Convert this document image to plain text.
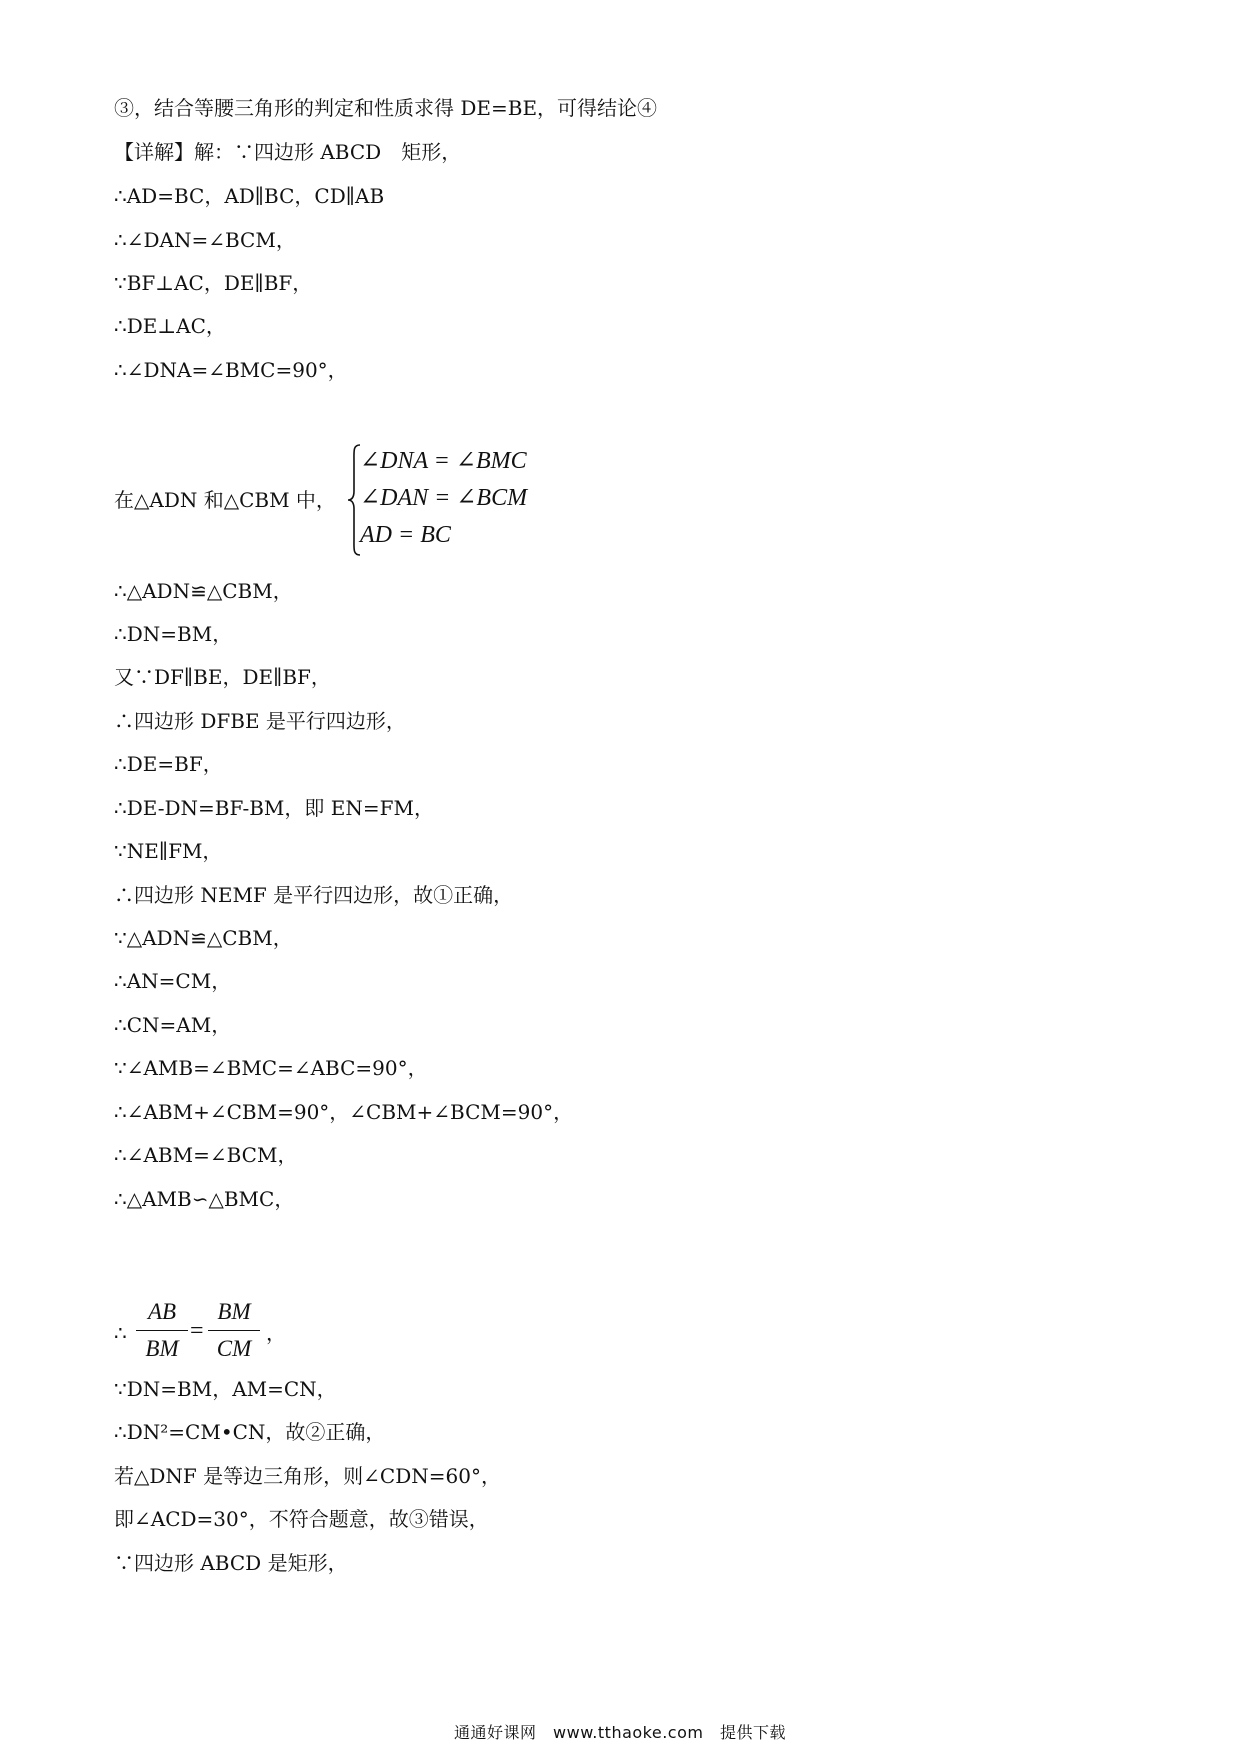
③，结合等腰三角形的判定和性质求得 DE=BE，可得结论④
【详解】解：∵四边形 ABCD　矩形，
∴AD=BC，AD∥BC，CD∥AB
∴∠DAN=∠BCM，
∵BF⊥AC，DE∥BF，
∴DE⊥AC，
∴∠DNA=∠BMC=90°，
在△ADN 和△CBM 中，
∠DNA = ∠BMC
∠DAN = ∠BCM
AD = BC
∴△ADN≌△CBM，
∴DN=BM，
又∵DF∥BE，DE∥BF，
∴四边形 DFBE 是平行四边形，
∴DE=BF，
∴DE-DN=BF-BM，即 EN=FM，
∵NE∥FM，
∴四边形 NEMF 是平行四边形，故①正确，
∵△ADN≌△CBM，
∴AN=CM，
∴CN=AM，
∵∠AMB=∠BMC=∠ABC=90°，
∴∠ABM+∠CBM=90°，∠CBM+∠BCM=90°，
∴∠ABM=∠BCM，
∴△AMB∽△BMC，
∴
AB
BM
=
BM
CM
，
∵DN=BM，AM=CN，
∴DN²=CM•CN，故②正确，
若△DNF 是等边三角形，则∠CDN=60°，
即∠ACD=30°，不符合题意，故③错误，
∵四边形 ABCD 是矩形，
通通好课网　www.tthaoke.com　提供下载
